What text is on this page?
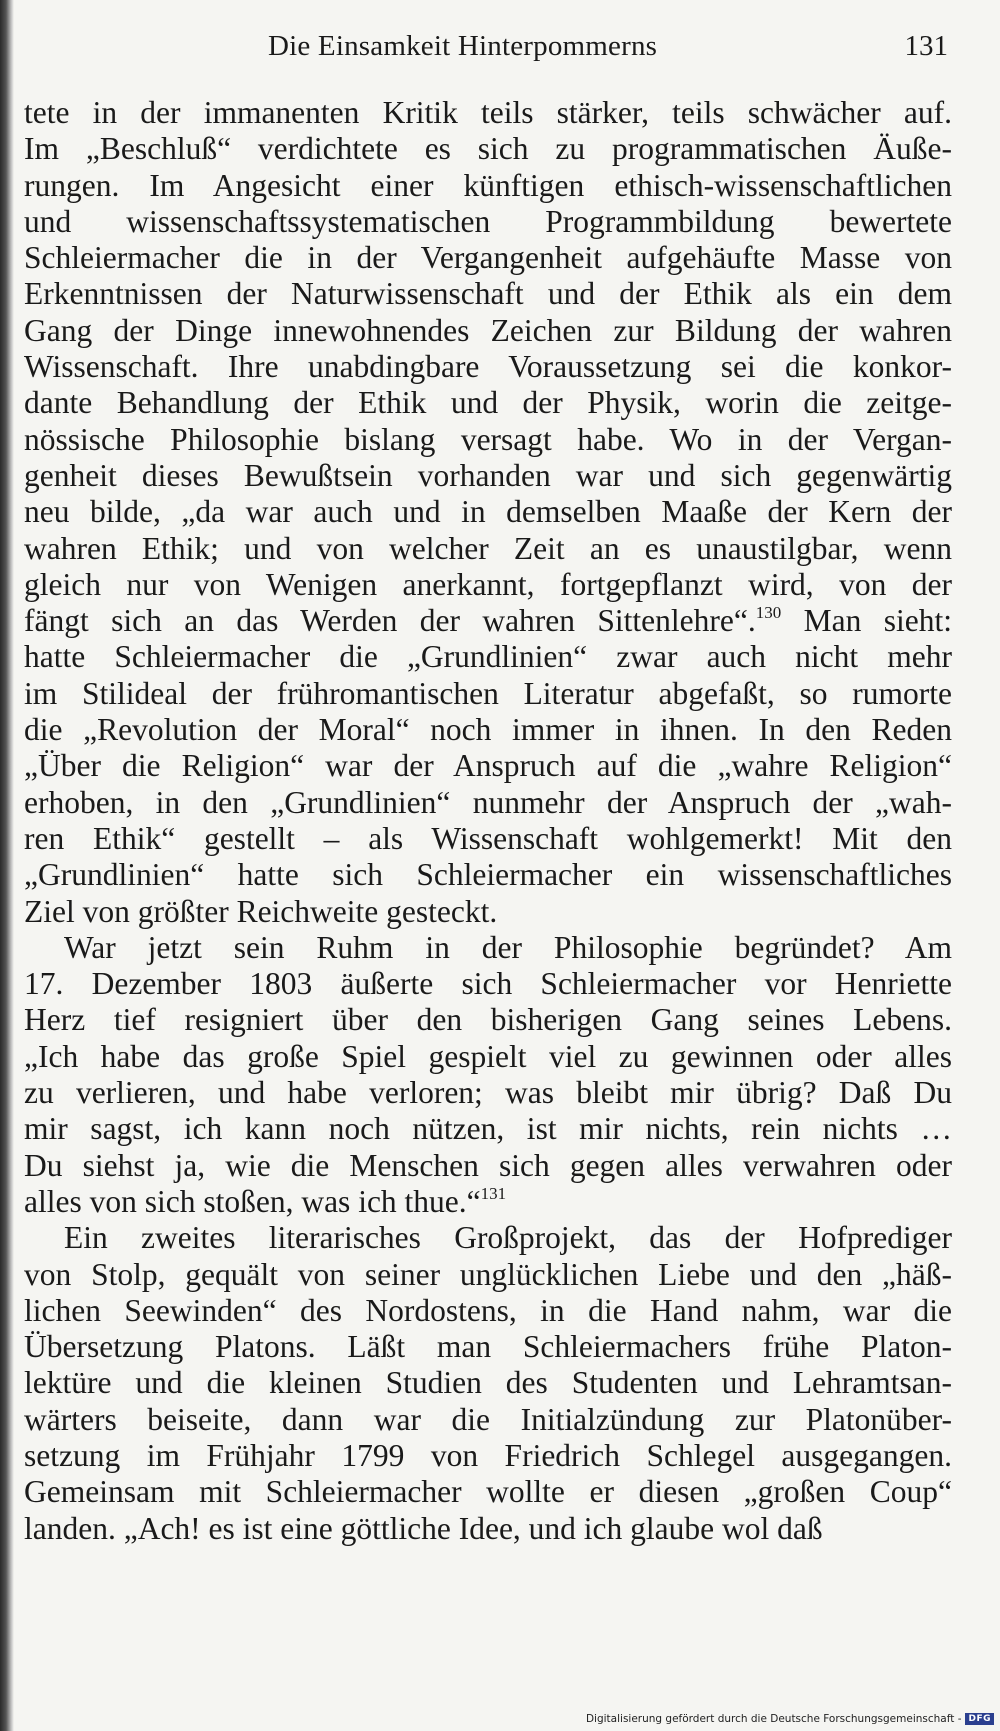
Die Einsamkeit Hinterpommerns	131
tete in der immanenten Kritik teils stärker, teils schwächer auf.
Im „Beschluß“ verdichtete es sich zu programmatischen Äuße-
rungen. Im Angesicht einer künftigen ethisch-wissenschaftlichen
und wissenschaftssystematischen Programmbildung bewertete
Schleiermacher die in der Vergangenheit aufgehäufte Masse von
Erkenntnissen der Naturwissenschaft und der Ethik als ein dem
Gang der Dinge innewohnendes Zeichen zur Bildung der wahren
Wissenschaft. Ihre unabdingbare Voraussetzung sei die konkor-
dante Behandlung der Ethik und der Physik, worin die zeitge-
nössische Philosophie bislang versagt habe. Wo in der Vergan-
genheit dieses Bewußtsein vorhanden war und sich gegenwärtig
neu bilde, „da war auch und in demselben Maaße der Kern der
wahren Ethik; und von welcher Zeit an es unaustilgbar, wenn
gleich nur von Wenigen anerkannt, fortgepflanzt wird, von der
fängt sich an das Werden der wahren Sittenlehre“.$^{130}$ Man sieht:
hatte Schleiermacher die „Grundlinien“ zwar auch nicht mehr
im Stilideal der frühromantischen Literatur abgefaßt, so rumorte
die „Revolution der Moral“ noch immer in ihnen. In den Reden
„Über die Religion“ war der Anspruch auf die „wahre Religion“
erhoben, in den „Grundlinien“ nunmehr der Anspruch der „wah-
ren Ethik“ gestellt – als Wissenschaft wohlgemerkt! Mit den
„Grundlinien“ hatte sich Schleiermacher ein wissenschaftliches
Ziel von größter Reichweite gesteckt.
War jetzt sein Ruhm in der Philosophie begründet? Am
17. Dezember 1803 äußerte sich Schleiermacher vor Henriette
Herz tief resigniert über den bisherigen Gang seines Lebens.
„Ich habe das große Spiel gespielt viel zu gewinnen oder alles
zu verlieren, und habe verloren; was bleibt mir übrig? Daß Du
mir sagst, ich kann noch nützen, ist mir nichts, rein nichts …
Du siehst ja, wie die Menschen sich gegen alles verwahren oder
alles von sich stoßen, was ich thue.“$^{131}$
Ein zweites literarisches Großprojekt, das der Hofprediger
von Stolp, gequält von seiner unglücklichen Liebe und den „häß-
lichen Seewinden“ des Nordostens, in die Hand nahm, war die
Übersetzung Platons. Läßt man Schleiermachers frühe Platon-
lektüre und die kleinen Studien des Studenten und Lehramtsan-
wärters beiseite, dann war die Initialzündung zur Platonüber-
setzung im Frühjahr 1799 von Friedrich Schlegel ausgegangen.
Gemeinsam mit Schleiermacher wollte er diesen „großen Coup“
landen. „Ach! es ist eine göttliche Idee, und ich glaube wol daß
Digitalisierung gefördert durch die Deutsche Forschungsgemeinschaft - DFG
